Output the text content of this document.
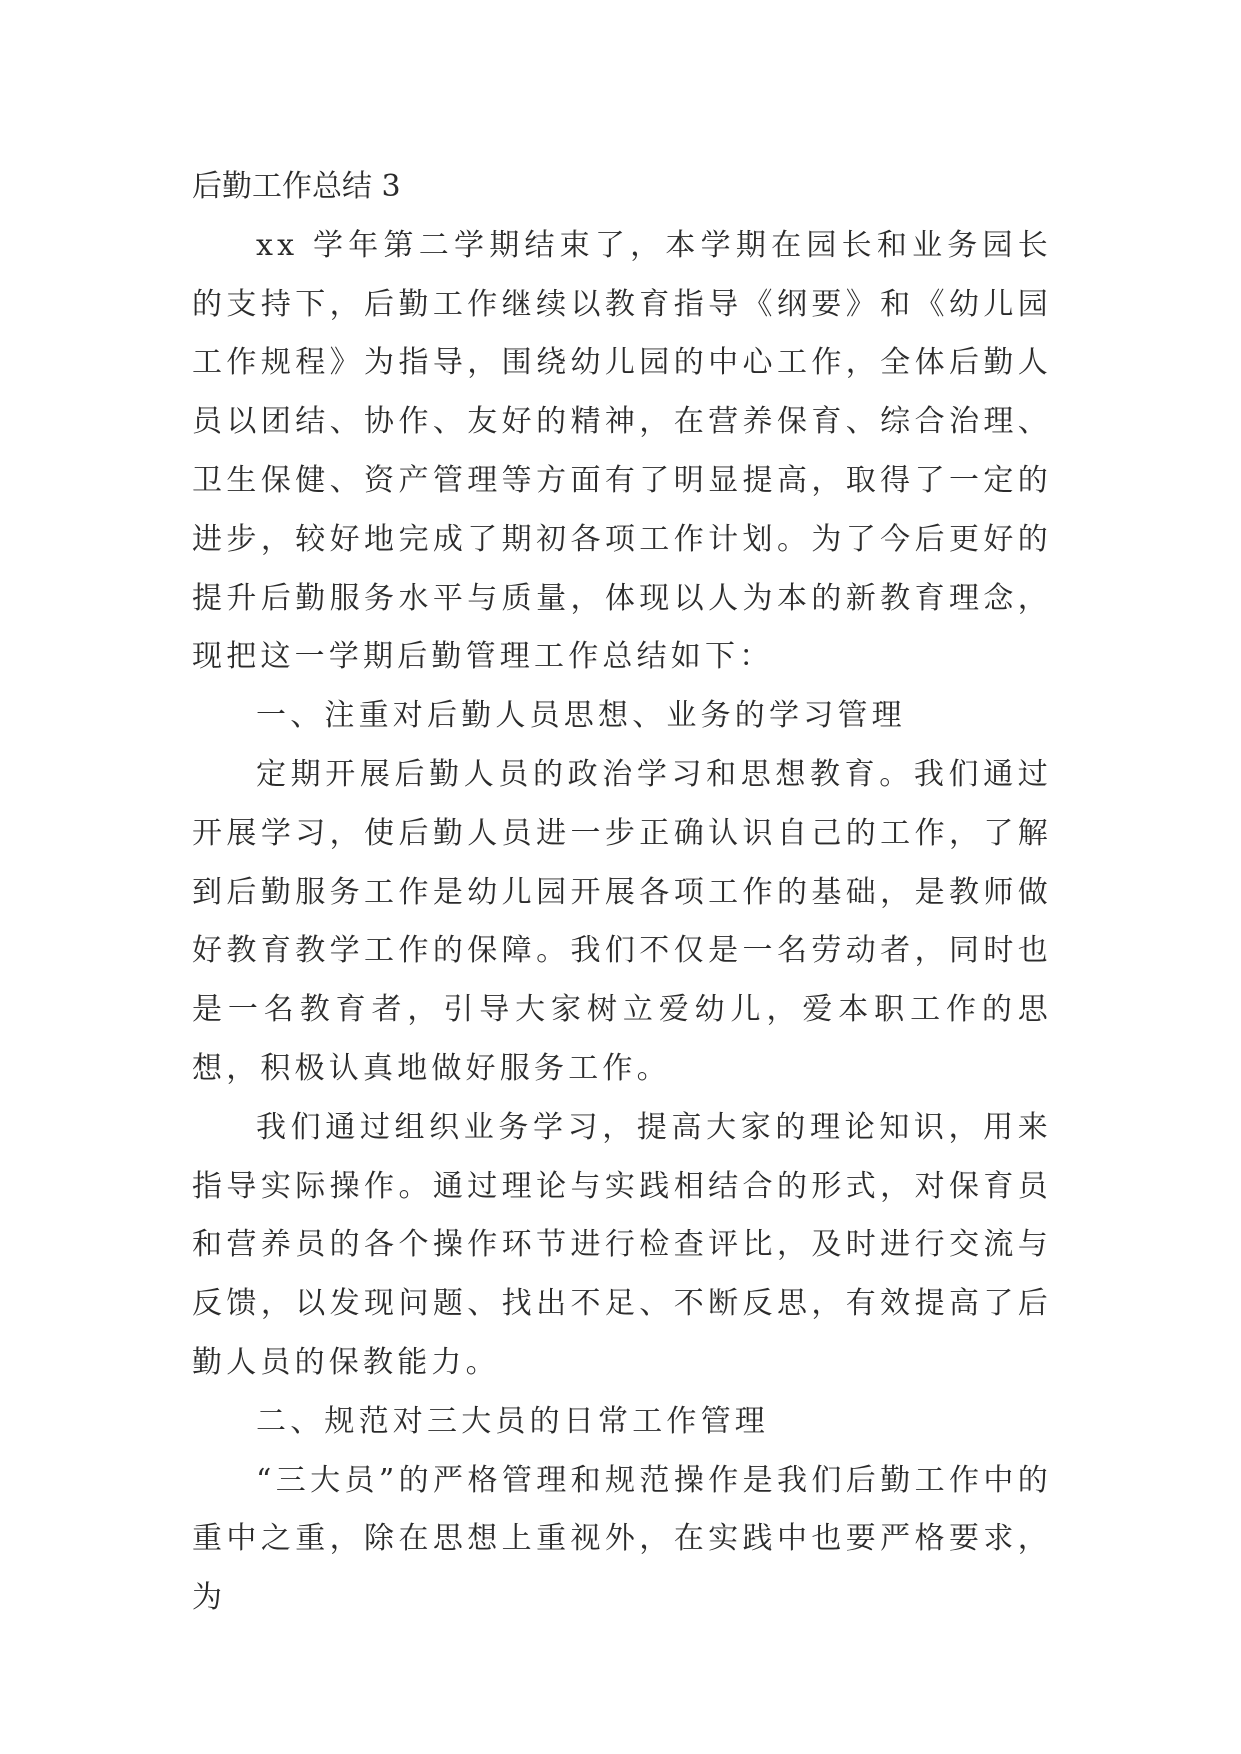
后勤工作总结 3

xx 学年第二学期结束了，本学期在园长和业务园长的支持下，后勤工作继续以教育指导《纲要》和《幼儿园工作规程》为指导，围绕幼儿园的中心工作，全体后勤人员以团结、协作、友好的精神，在营养保育、综合治理、卫生保健、资产管理等方面有了明显提高，取得了一定的进步，较好地完成了期初各项工作计划。为了今后更好的提升后勤服务水平与质量，体现以人为本的新教育理念，现把这一学期后勤管理工作总结如下：

一、注重对后勤人员思想、业务的学习管理

定期开展后勤人员的政治学习和思想教育。我们通过开展学习，使后勤人员进一步正确认识自己的工作，了解到后勤服务工作是幼儿园开展各项工作的基础，是教师做好教育教学工作的保障。我们不仅是一名劳动者，同时也是一名教育者，引导大家树立爱幼儿，爱本职工作的思想，积极认真地做好服务工作。

我们通过组织业务学习，提高大家的理论知识，用来指导实际操作。通过理论与实践相结合的形式，对保育员和营养员的各个操作环节进行检查评比，及时进行交流与反馈，以发现问题、找出不足、不断反思，有效提高了后勤人员的保教能力。

二、规范对三大员的日常工作管理

“三大员”的严格管理和规范操作是我们后勤工作中的重中之重，除在思想上重视外，在实践中也要严格要求，为
